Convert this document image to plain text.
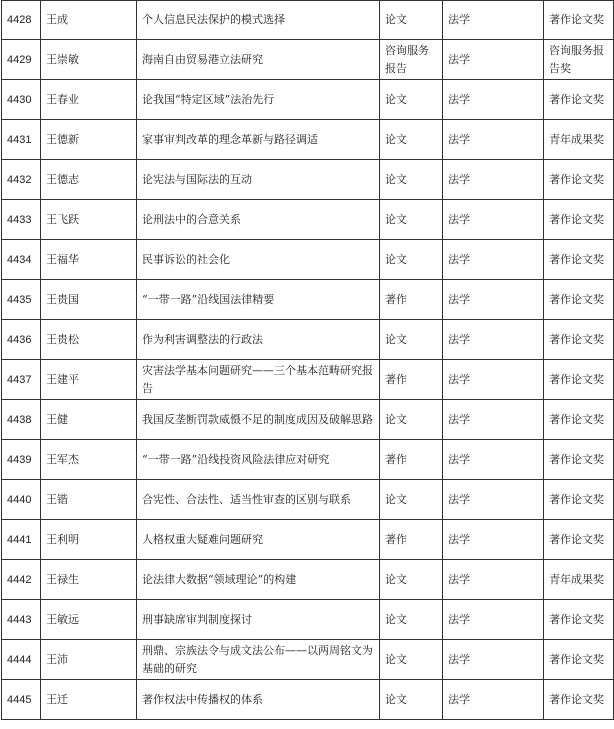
4428	王成	个人信息民法保护的模式选择	论文	法学	著作论文奖
4429	王崇敏	海南自由贸易港立法研究	咨询服务报告	法学	咨询服务报告奖
4430	王春业	论我国“特定区域”法治先行	论文	法学	著作论文奖
4431	王德新	家事审判改革的理念革新与路径调适	论文	法学	青年成果奖
4432	王德志	论宪法与国际法的互动	论文	法学	著作论文奖
4433	王飞跃	论刑法中的合意关系	论文	法学	著作论文奖
4434	王福华	民事诉讼的社会化	论文	法学	著作论文奖
4435	王贵国	“一带一路”沿线国法律精要	著作	法学	著作论文奖
4436	王贵松	作为利害调整法的行政法	论文	法学	著作论文奖
4437	王建平	灾害法学基本问题研究——三个基本范畴研究报告	著作	法学	著作论文奖
4438	王健	我国反垄断罚款威慑不足的制度成因及破解思路	论文	法学	著作论文奖
4439	王军杰	“一带一路”沿线投资风险法律应对研究	著作	法学	著作论文奖
4440	王锴	合宪性、合法性、适当性审查的区别与联系	论文	法学	著作论文奖
4441	王利明	人格权重大疑难问题研究	著作	法学	著作论文奖
4442	王禄生	论法律大数据“领域理论”的构建	论文	法学	青年成果奖
4443	王敏远	刑事缺席审判制度探讨	论文	法学	著作论文奖
4444	王沛	刑鼎、宗族法令与成文法公布——以两周铭文为基础的研究	论文	法学	著作论文奖
4445	王迁	著作权法中传播权的体系	论文	法学	著作论文奖
